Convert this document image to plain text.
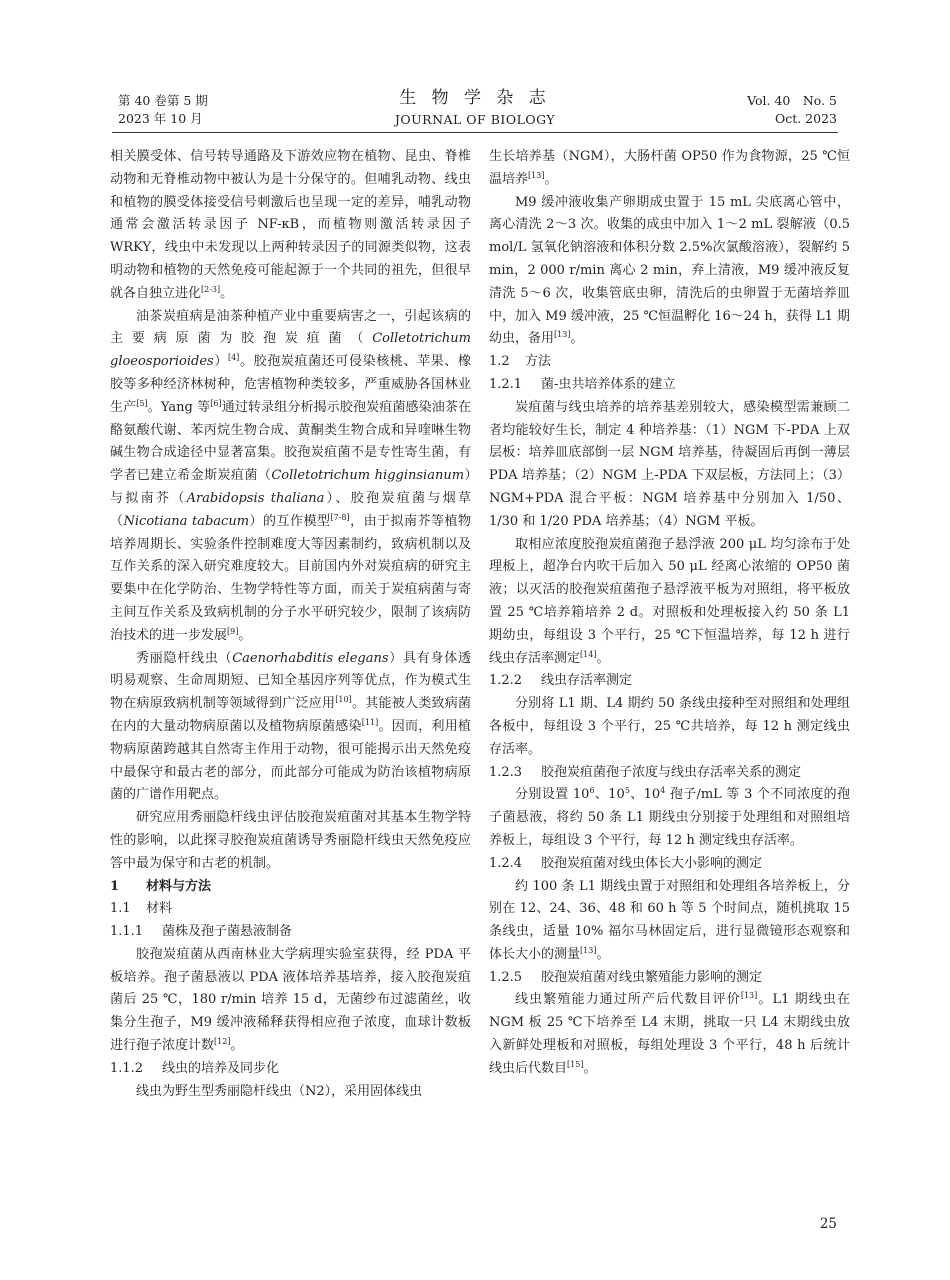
第 40 卷第 5 期
2023 年 10 月
生 物 学 杂 志
JOURNAL OF BIOLOGY
Vol. 40　No. 5
Oct. 2023

相关膜受体、信号转导通路及下游效应物在植物、昆虫、脊椎动物和无脊椎动物中被认为是十分保守的。但哺乳动物、线虫和植物的膜受体接受信号刺激后也呈现一定的差异，哺乳动物通常会激活转录因子 NF-κB，而植物则激活转录因子 WRKY，线虫中未发现以上两种转录因子的同源类似物，这表明动物和植物的天然免疫可能起源于一个共同的祖先，但很早就各自独立进化[2-3]。

油茶炭疽病是油茶种植产业中重要病害之一，引起该病的主要病原菌为胶孢炭疽菌（Colletotrichum gloeosporioides）[4]。胶孢炭疽菌还可侵染核桃、苹果、橡胶等多种经济林树种，危害植物种类较多，严重威胁各国林业生产[5]。Yang 等[6]通过转录组分析揭示胶孢炭疽菌感染油茶在酪氨酸代谢、苯丙烷生物合成、黄酮类生物合成和异喹啉生物碱生物合成途径中显著富集。胶孢炭疽菌不是专性寄生菌，有学者已建立希金斯炭疽菌（Colletotrichum higginsianum）与拟南芥（Arabidopsis thaliana）、胶孢炭疽菌与烟草（Nicotiana tabacum）的互作模型[7-8]，由于拟南芥等植物培养周期长、实验条件控制难度大等因素制约，致病机制以及互作关系的深入研究难度较大。目前国内外对炭疽病的研究主要集中在化学防治、生物学特性等方面，而关于炭疽病菌与寄主间互作关系及致病机制的分子水平研究较少，限制了该病防治技术的进一步发展[9]。

秀丽隐杆线虫（Caenorhabditis elegans）具有身体透明易观察、生命周期短、已知全基因序列等优点，作为模式生物在病原致病机制等领域得到广泛应用[10]。其能被人类致病菌在内的大量动物病原菌以及植物病原菌感染[11]。因而，利用植物病原菌跨越其自然寄主作用于动物，很可能揭示出天然免疫中最保守和最古老的部分，而此部分可能成为防治该植物病原菌的广谱作用靶点。

研究应用秀丽隐杆线虫评估胶孢炭疽菌对其基本生物学特性的影响，以此探寻胶孢炭疽菌诱导秀丽隐杆线虫天然免疫应答中最为保守和古老的机制。

1 材料与方法

1.1 材料

1.1.1 菌株及孢子菌悬液制备

胶孢炭疽菌从西南林业大学病理实验室获得，经 PDA 平板培养。孢子菌悬液以 PDA 液体培养基培养，接入胶孢炭疽菌后 25 ℃，180 r/min 培养 15 d，无菌纱布过滤菌丝，收集分生孢子，M9 缓冲液稀释获得相应孢子浓度，血球计数板进行孢子浓度计数[12]。

1.1.2 线虫的培养及同步化

线虫为野生型秀丽隐杆线虫（N2），采用固体线虫

生长培养基（NGM），大肠杆菌 OP50 作为食物源，25 ℃恒温培养[13]。

M9 缓冲液收集产卵期成虫置于 15 mL 尖底离心管中，离心清洗 2～3 次。收集的成虫中加入 1～2 mL 裂解液（0.5 mol/L 氢氧化钠溶液和体积分数 2.5%次氯酸溶液），裂解约 5 min，2 000 r/min 离心 2 min，弃上清液，M9 缓冲液反复清洗 5～6 次，收集管底虫卵，清洗后的虫卵置于无菌培养皿中，加入 M9 缓冲液，25 ℃恒温孵化 16～24 h，获得 L1 期幼虫，备用[13]。

1.2 方法

1.2.1 菌-虫共培养体系的建立

炭疽菌与线虫培养的培养基差别较大，感染模型需兼顾二者均能较好生长，制定 4 种培养基：（1）NGM 下-PDA 上双层板：培养皿底部倒一层 NGM 培养基，待凝固后再倒一薄层 PDA 培养基；（2）NGM 上-PDA 下双层板，方法同上；（3）NGM+PDA 混合平板：NGM 培养基中分别加入 1/50、1/30 和 1/20 PDA 培养基；（4）NGM 平板。

取相应浓度胶孢炭疽菌孢子悬浮液 200 μL 均匀涂布于处理板上，超净台内吹干后加入 50 μL 经离心浓缩的 OP50 菌液；以灭活的胶孢炭疽菌孢子悬浮液平板为对照组，将平板放置 25 ℃培养箱培养 2 d。对照板和处理板接入约 50 条 L1 期幼虫，每组设 3 个平行，25 ℃下恒温培养，每 12 h 进行线虫存活率测定[14]。

1.2.2 线虫存活率测定

分别将 L1 期、L4 期约 50 条线虫接种至对照组和处理组各板中，每组设 3 个平行，25 ℃共培养，每 12 h 测定线虫存活率。

1.2.3 胶孢炭疽菌孢子浓度与线虫存活率关系的测定

分别设置 $10^6$、$10^5$、$10^4$ 孢子/mL 等 3 个不同浓度的孢子菌悬液，将约 50 条 L1 期线虫分别接于处理组和对照组培养板上，每组设 3 个平行，每 12 h 测定线虫存活率。

1.2.4 胶孢炭疽菌对线虫体长大小影响的测定

约 100 条 L1 期线虫置于对照组和处理组各培养板上，分别在 12、24、36、48 和 60 h 等 5 个时间点，随机挑取 15 条线虫，适量 10% 福尔马林固定后，进行显微镜形态观察和体长大小的测量[13]。

1.2.5 胶孢炭疽菌对线虫繁殖能力影响的测定

线虫繁殖能力通过所产后代数目评价[13]。L1 期线虫在 NGM 板 25 ℃下培养至 L4 末期，挑取一只 L4 末期线虫放入新鲜处理板和对照板，每组处理设 3 个平行，48 h 后统计线虫后代数目[15]。

25
